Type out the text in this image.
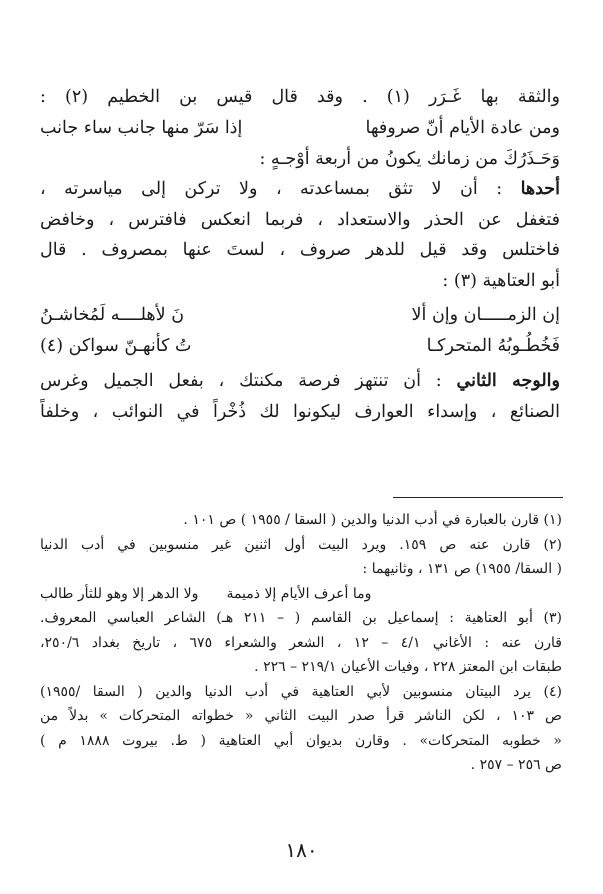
والثقة بها غَـرَر (١) . وقد قال قيس بن الخطيم (٢) :
ومن عادة الأيام أنّ صروفها
إذا سَرّ منها جانب ساء جانب
وَحَـذَرُكَ من زمانك يكونُ من أربعة أوْجـهٍ :
أحدها : أن لا تثق بمساعدته ، ولا تركن إلى مياسرته ،
فتغفل عن الحذر والاستعداد ، فربما انعكس فافترس ، وخافض
فاختلس وقد قيل للدهر صروف ، لستَ عنها بمصروف . قال
أبو العتاهية (٣) :
إن الزمـــــان وإن ألا
نَ لأهلــــه لَمُخاشـنُ
فَخُطُـوبُهُ المتحركـا
تُ كأنهـنّ سواكن (٤)
والوجه الثاني : أن تنتهز فرصة مكنتك ، بفعل الجميل وغرس
الصنائع ، وإسداء العوارف ليكونوا لك ذُخْراً في النوائب ، وخلفاً
(١) قارن بالعبارة في أدب الدنيا والدين ( السقا / ١٩٥٥ ) ص ١٠١ .
(٢) قارن عنه ص ١٥٩. ويرد البيت أول اثنين غير منسوبين في أدب الدنيا
( السقا/ ١٩٥٥) ص ١٣١ ، وثانيهما :
وما أعرف الأيام إلا ذميمة
ولا الدهر إلا وهو للثأر طالب
(٣) أبو العتاهية : إسماعيل بن القاسم ( – ٢١١ هـ) الشاعر العباسي المعروف.
قارن عنه : الأغاني ٤/١ – ١٢ ، الشعر والشعراء ٦٧٥ ، تاريخ بغداد ٢٥٠/٦،
طبقات ابن المعتز ٢٢٨ ، وفيات الأعيان ٢١٩/١ – ٢٢٦ .
(٤) يرد البيتان منسوبين لأبي العتاهية في أدب الدنيا والدين ( السقا /١٩٥٥)
ص ١٠٣ ، لكن الناشر قرأ صدر البيت الثاني « خطواته المتحركات » بدلاً من
« خطوبه المتحركات» . وقارن بديوان أبي العتاهية ( ط. بيروت ١٨٨٨ م )
ص ٢٥٦ – ٢٥٧ .
١٨٠
